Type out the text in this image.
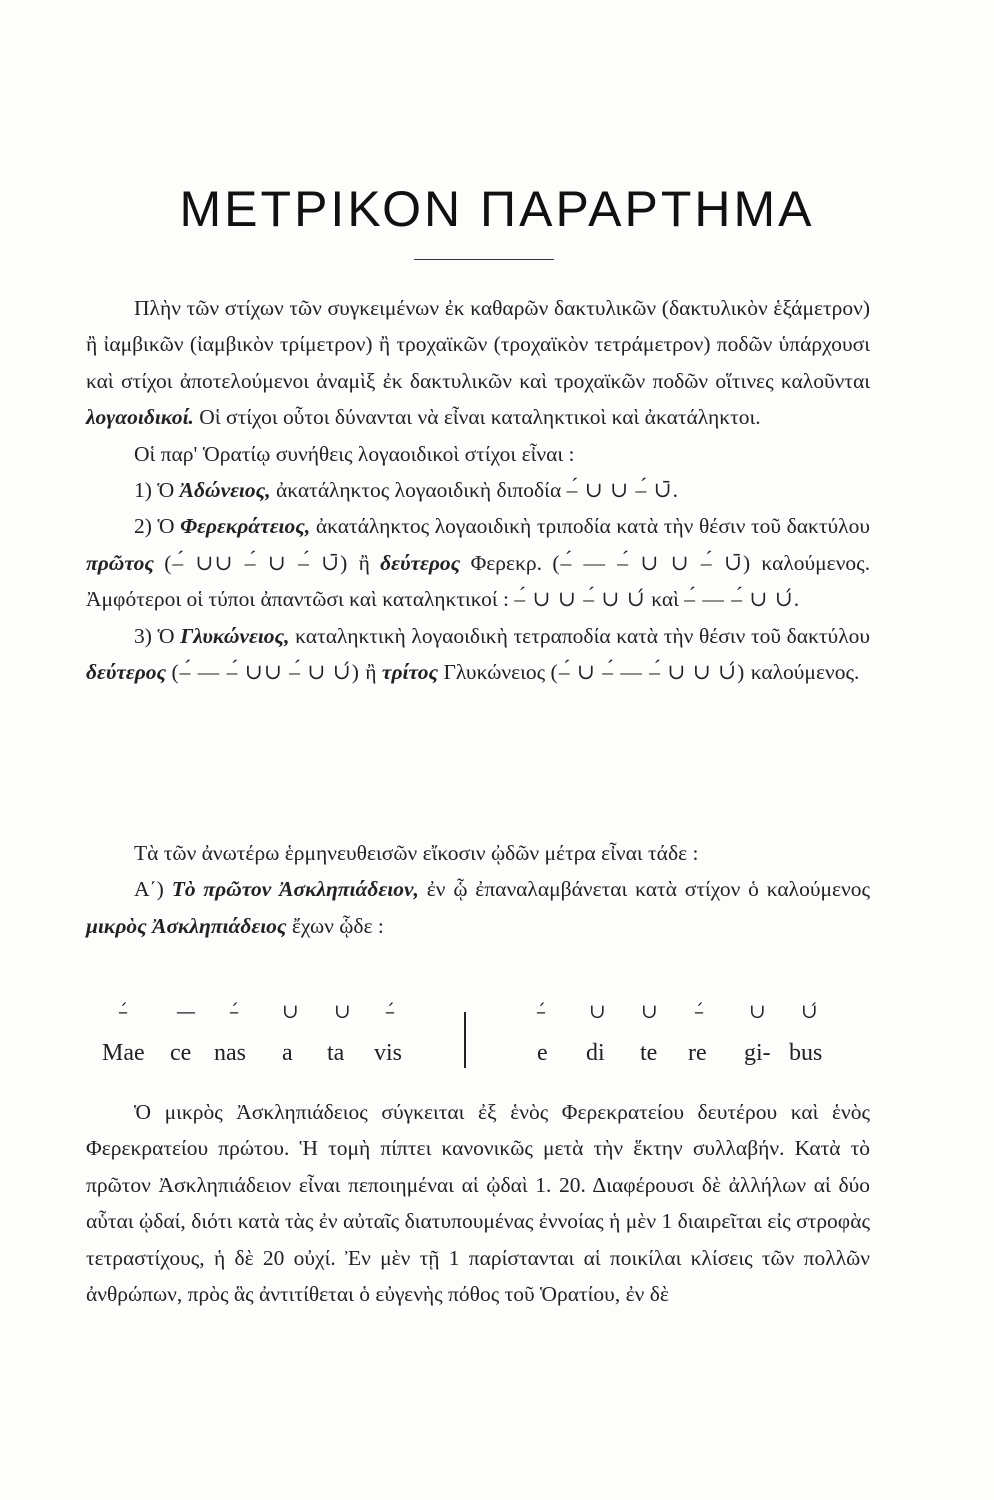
ΜΕΤΡΙΚΟΝ ΠΑΡΑΡΤΗΜΑ

Πλὴν τῶν στίχων τῶν συγκειμένων ἐκ καθαρῶν δακτυλικῶν (δακτυλικὸν ἑξάμετρον) ἢ ἰαμβικῶν (ἰαμβικὸν τρίμετρον) ἢ τροχαϊκῶν (τροχαϊκὸν τετράμετρον) ποδῶν ὑπάρχουσι καὶ στίχοι ἀποτελούμενοι ἀναμὶξ ἐκ δακτυλικῶν καὶ τροχαϊκῶν ποδῶν οἵτινες καλοῦνται λογαοιδικοί. Οἱ στίχοι οὗτοι δύνανται νὰ εἶναι καταληκτικοὶ καὶ ἀκατάληκτοι.

Οἱ παρ' Ὁρατίῳ συνήθεις λογαοιδικοὶ στίχοι εἶναι :

1) Ὁ Ἀδώνειος, ἀκατάληκτος λογαοιδικὴ διποδία –́ ∪ ∪ –́ ∪̄.

2) Ὁ Φερεκράτειος, ἀκατάληκτος λογαοιδικὴ τριποδία κατὰ τὴν θέσιν τοῦ δακτύλου πρῶτος (–́ ∪∪ –́ ∪ –́ ∪̄) ἢ δεύτερος Φερεκρ. (–́ — –́ ∪ ∪ –́ ∪̄) καλούμενος. Ἀμφότεροι οἱ τύποι ἀπαντῶσι καὶ καταληκτικοί : –́ ∪ ∪ –́ ∪ ∪́ καὶ –́ — –́ ∪ ∪́.

3) Ὁ Γλυκώνειος, καταληκτικὴ λογαοιδικὴ τετραποδία κατὰ τὴν θέσιν τοῦ δακτύλου δεύτερος (–́ — –́ ∪∪ –́ ∪ ∪́) ἢ τρίτος Γλυκώνειος (–́ ∪ –́ — –́ ∪ ∪ ∪́) καλούμενος.

Τὰ τῶν ἀνωτέρω ἑρμηνευθεισῶν εἴκοσιν ᾠδῶν μέτρα εἶναι τάδε :

Α΄) Τὸ πρῶτον Ἀσκληπιάδειον, ἐν ᾧ ἐπαναλαμβάνεται κατὰ στίχον ὁ καλούμενος μικρὸς Ἀσκληπιάδειος ἔχων ᾧδε :

–́ — –́ ∪ ∪ –́
Mae ce nas a ta vis
–́ ∪ ∪ –́ ∪ ∪́
e di te re gi- bus

Ὁ μικρὸς Ἀσκληπιάδειος σύγκειται ἐξ ἑνὸς Φερεκρατείου δευτέρου καὶ ἑνὸς Φερεκρατείου πρώτου. Ἡ τομὴ πίπτει κανονικῶς μετὰ τὴν ἕκτην συλλαβήν. Κατὰ τὸ πρῶτον Ἀσκληπιάδειον εἶναι πεποιημέναι αἱ ᾠδαὶ 1. 20. Διαφέρουσι δὲ ἀλλήλων αἱ δύο αὗται ᾠδαί, διότι κατὰ τὰς ἐν αὐταῖς διατυπουμένας ἐννοίας ἡ μὲν 1 διαιρεῖται εἰς στροφὰς τετραστίχους, ἡ δὲ 20 οὐχί. Ἐν μὲν τῇ 1 παρίστανται αἱ ποικίλαι κλίσεις τῶν πολλῶν ἀνθρώπων, πρὸς ἃς ἀντιτίθεται ὁ εὐγενὴς πόθος τοῦ Ὁρατίου, ἐν δὲ
